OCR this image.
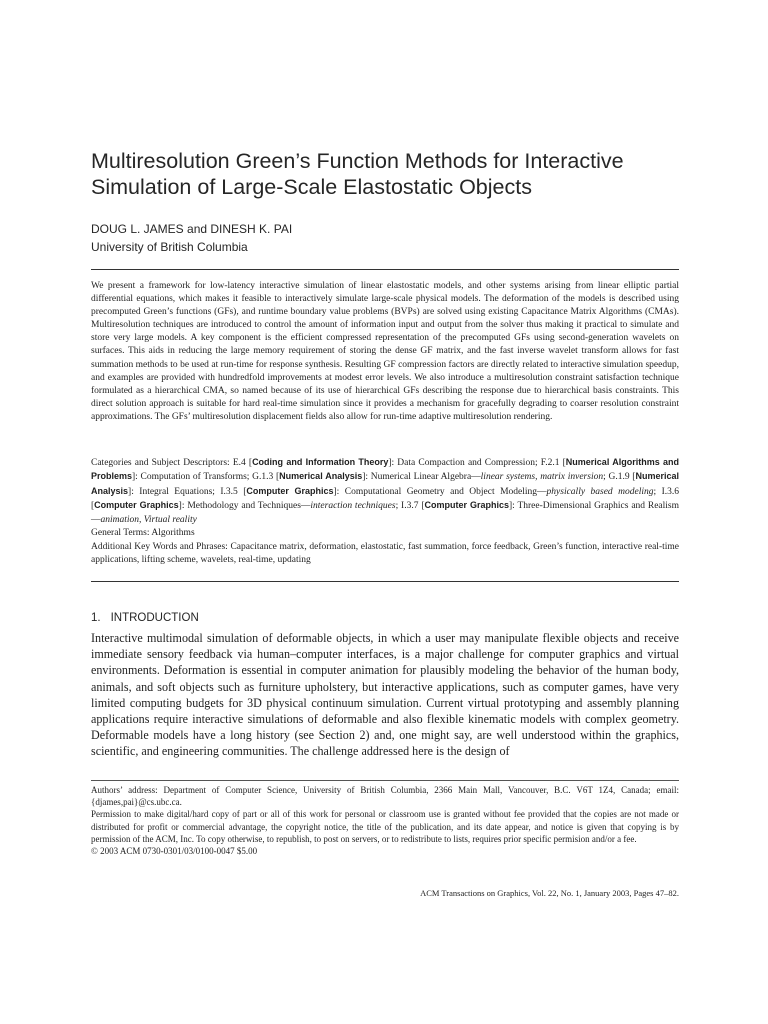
Multiresolution Green’s Function Methods for Interactive Simulation of Large-Scale Elastostatic Objects
DOUG L. JAMES and DINESH K. PAI
University of British Columbia
We present a framework for low-latency interactive simulation of linear elastostatic models, and other systems arising from linear elliptic partial differential equations, which makes it feasible to interactively simulate large-scale physical models. The deformation of the models is described using precomputed Green’s functions (GFs), and runtime boundary value problems (BVPs) are solved using existing Capacitance Matrix Algorithms (CMAs). Multiresolution techniques are introduced to control the amount of information input and output from the solver thus making it practical to simulate and store very large models. A key component is the efficient compressed representation of the precomputed GFs using second-generation wavelets on surfaces. This aids in reducing the large memory requirement of storing the dense GF matrix, and the fast inverse wavelet transform allows for fast summation methods to be used at run-time for response synthesis. Resulting GF compression factors are directly related to interactive simulation speedup, and examples are provided with hundredfold improvements at modest error levels. We also introduce a multiresolution constraint satisfaction technique formulated as a hierarchical CMA, so named because of its use of hierarchical GFs describing the response due to hierarchical basis constraints. This direct solution approach is suitable for hard real-time simulation since it provides a mechanism for gracefully degrading to coarser resolution constraint approximations. The GFs’ multiresolution displacement fields also allow for run-time adaptive multiresolution rendering.
Categories and Subject Descriptors: E.4 [Coding and Information Theory]: Data Compaction and Compression; F.2.1 [Numerical Algorithms and Problems]: Computation of Transforms; G.1.3 [Numerical Analysis]: Numerical Linear Algebra—linear systems, matrix inversion; G.1.9 [Numerical Analysis]: Integral Equations; I.3.5 [Computer Graphics]: Computational Geometry and Object Modeling—physically based modeling; I.3.6 [Computer Graphics]: Methodology and Techniques—interaction techniques; I.3.7 [Computer Graphics]: Three-Dimensional Graphics and Realism—animation, Virtual reality
General Terms: Algorithms
Additional Key Words and Phrases: Capacitance matrix, deformation, elastostatic, fast summation, force feedback, Green’s function, interactive real-time applications, lifting scheme, wavelets, real-time, updating
1. INTRODUCTION
Interactive multimodal simulation of deformable objects, in which a user may manipulate flexible objects and receive immediate sensory feedback via human–computer interfaces, is a major challenge for computer graphics and virtual environments. Deformation is essential in computer animation for plausibly modeling the behavior of the human body, animals, and soft objects such as furniture upholstery, but interactive applications, such as computer games, have very limited computing budgets for 3D physical continuum simulation. Current virtual prototyping and assembly planning applications require interactive simulations of deformable and also flexible kinematic models with complex geometry. Deformable models have a long history (see Section 2) and, one might say, are well understood within the graphics, scientific, and engineering communities. The challenge addressed here is the design of

Authors’ address: Department of Computer Science, University of British Columbia, 2366 Main Mall, Vancouver, B.C. V6T 1Z4, Canada; email: {djames,pai}@cs.ubc.ca.

Permission to make digital/hard copy of part or all of this work for personal or classroom use is granted without fee provided that the copies are not made or distributed for profit or commercial advantage, the copyright notice, the title of the publication, and its date appear, and notice is given that copying is by permission of the ACM, Inc. To copy otherwise, to republish, to post on servers, or to redistribute to lists, requires prior specific permision and/or a fee.

© 2003 ACM 0730-0301/03/0100-0047 $5.00

ACM Transactions on Graphics, Vol. 22, No. 1, January 2003, Pages 47–82.
